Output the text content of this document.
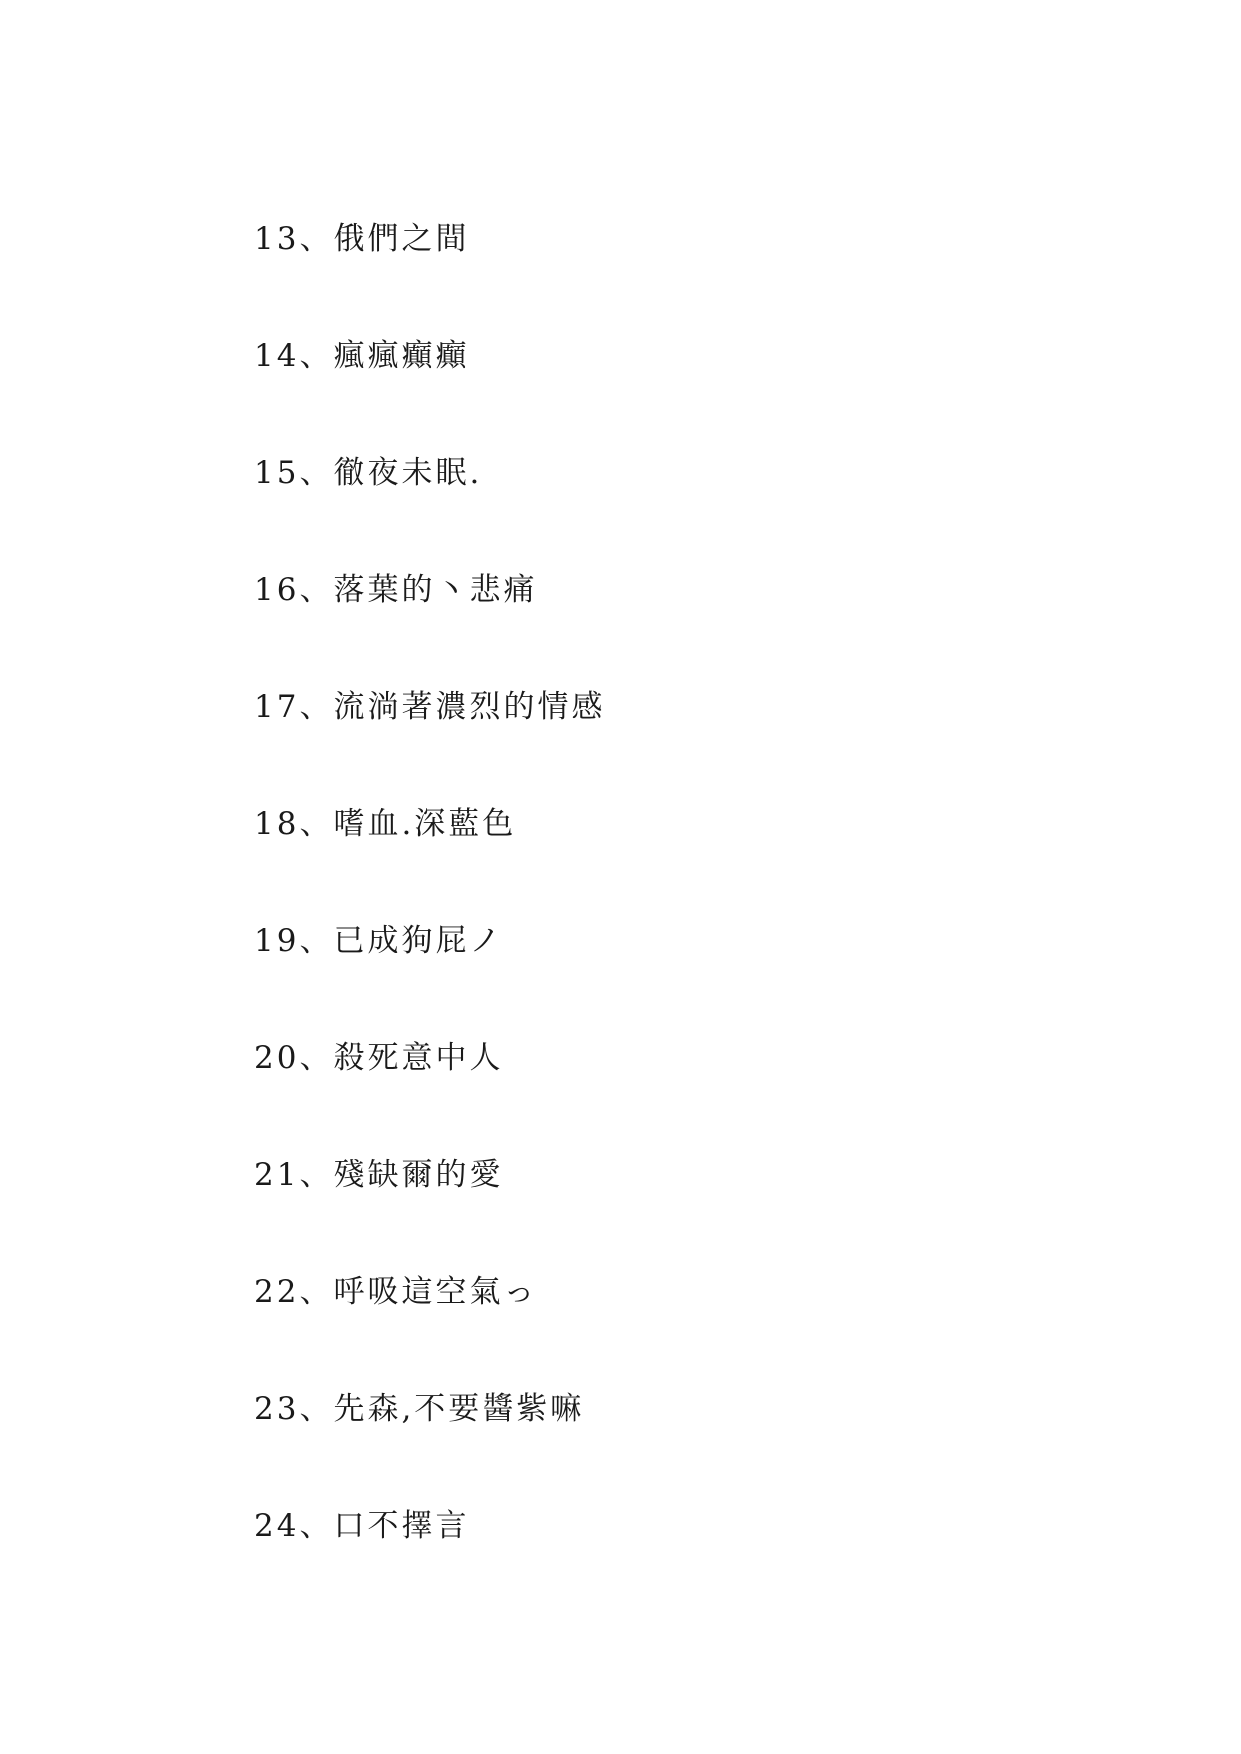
13、俄們之間
14、瘋瘋癲癲
15、徹夜未眠.
16、落葉的丶悲痛
17、流淌著濃烈的情感
18、嗜血.深藍色
19、已成狗屁ノ
20、殺死意中人
21、殘缺爾的愛
22、呼吸這空氣っ
23、先森,不要醬紫嘛
24、口不擇言
